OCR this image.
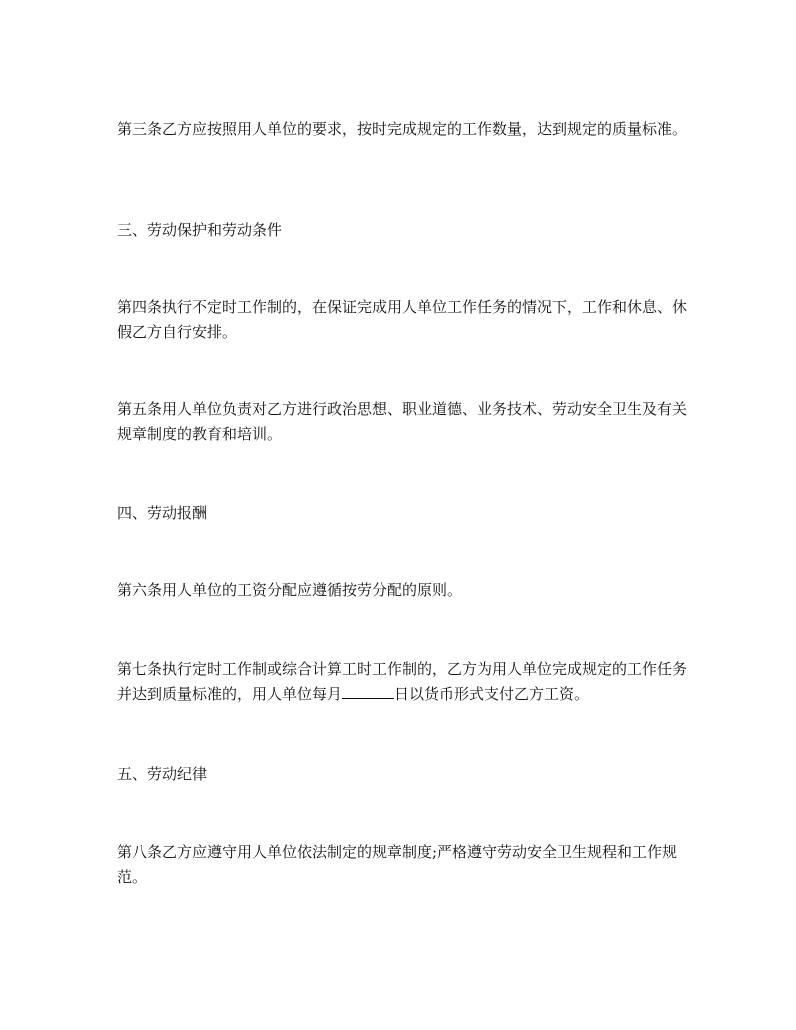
第三条乙方应按照用人单位的要求，按时完成规定的工作数量，达到规定的质量标准。

三、劳动保护和劳动条件

第四条执行不定时工作制的，在保证完成用人单位工作任务的情况下，工作和休息、休假乙方自行安排。

第五条用人单位负责对乙方进行政治思想、职业道德、业务技术、劳动安全卫生及有关规章制度的教育和培训。

四、劳动报酬

第六条用人单位的工资分配应遵循按劳分配的原则。

第七条执行定时工作制或综合计算工时工作制的，乙方为用人单位完成规定的工作任务并达到质量标准的，用人单位每月	日以货币形式支付乙方工资。

五、劳动纪律

第八条乙方应遵守用人单位依法制定的规章制度;严格遵守劳动安全卫生规程和工作规范。
